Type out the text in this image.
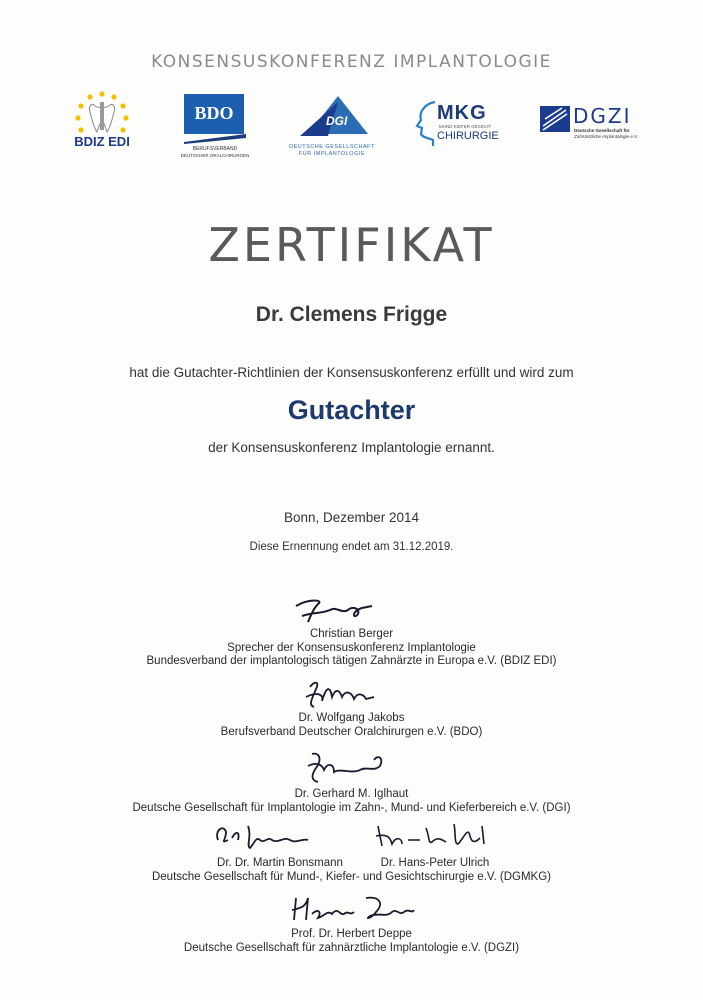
KONSENSUSKONFERENZ IMPLANTOLOGIE
BDIZ EDI
BDO
BERUFSVERBAND
DEUTSCHER ORALCHIRURGEN
DGI
DEUTSCHE GESELLSCHAFT
FÜR IMPLANTOLOGIE
MKG
MUND KIEFER GESICHT
CHIRURGIE
DGZI
Deutsche Gesellschaft für
Zahnärztliche Implantologie e.V.
ZERTIFIKAT
Dr. Clemens Frigge
hat die Gutachter-Richtlinien der Konsensuskonferenz erfüllt und wird zum
Gutachter
der Konsensuskonferenz Implantologie ernannt.
Bonn, Dezember 2014
Diese Ernennung endet am 31.12.2019.
Christian Berger
Sprecher der Konsensuskonferenz Implantologie
Bundesverband der implantologisch tätigen Zahnärzte in Europa e.V. (BDIZ EDI)
Dr. Wolfgang Jakobs
Berufsverband Deutscher Oralchirurgen e.V. (BDO)
Dr. Gerhard M. Iglhaut
Deutsche Gesellschaft für Implantologie im Zahn-, Mund- und Kieferbereich e.V. (DGI)
Dr. Dr. Martin Bonsmann	Dr. Hans-Peter Ulrich
Deutsche Gesellschaft für Mund-, Kiefer- und Gesichtschirurgie e.V. (DGMKG)
Prof. Dr. Herbert Deppe
Deutsche Gesellschaft für zahnärztliche Implantologie e.V. (DGZI)
